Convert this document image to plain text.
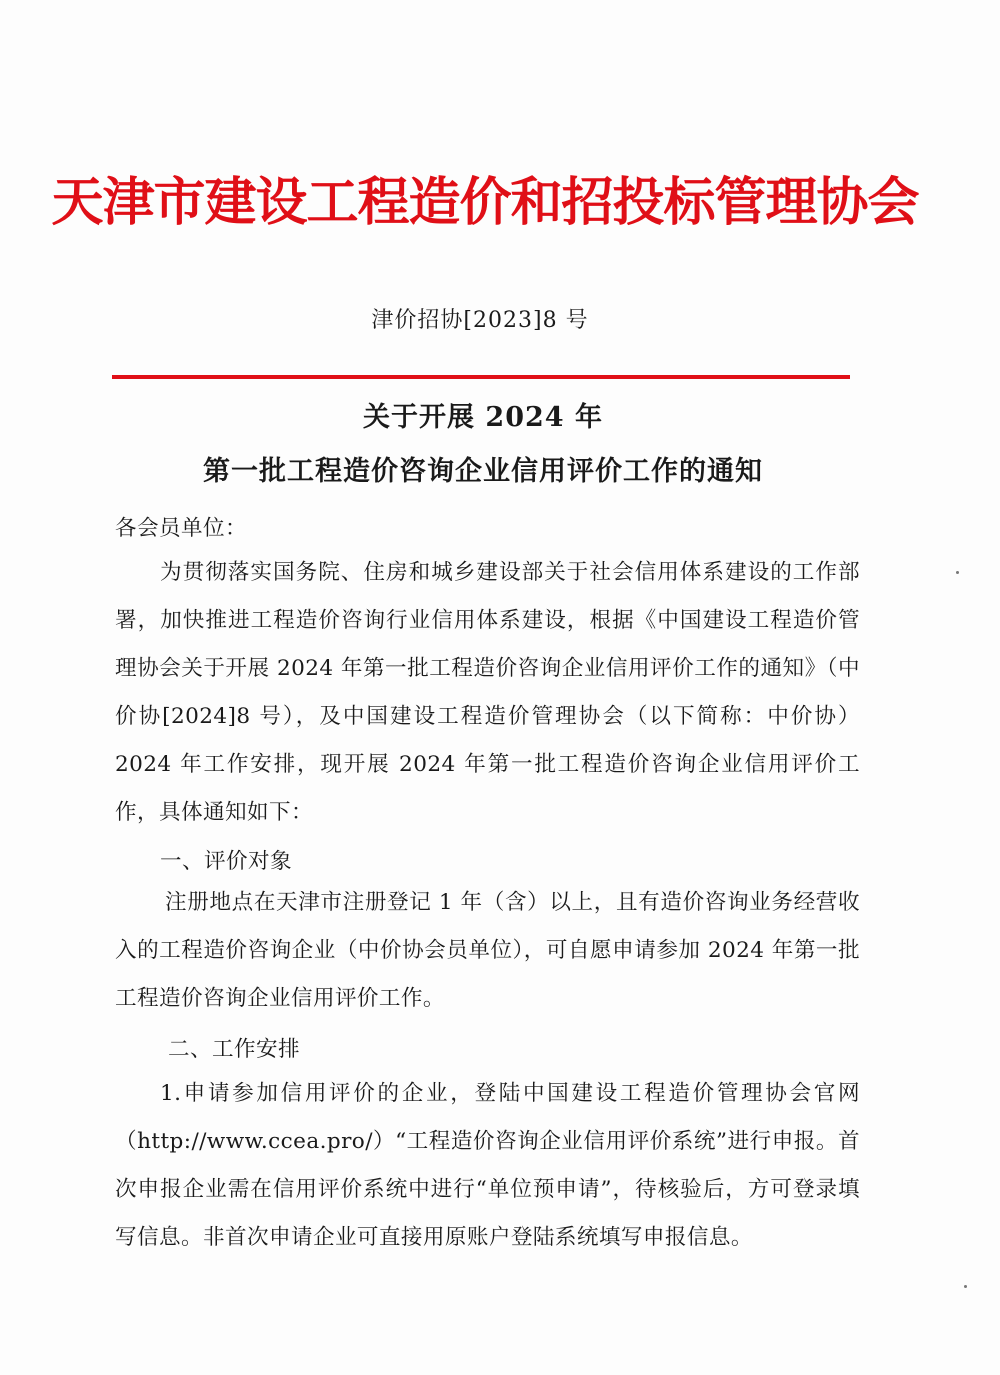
天津市建设工程造价和招投标管理协会
津价招协[2023]8 号
关于开展 2024 年
第一批工程造价咨询企业信用评价工作的通知
各会员单位：
为贯彻落实国务院、住房和城乡建设部关于社会信用体系建设的工作部署，加快推进工程造价咨询行业信用体系建设，根据《中国建设工程造价管理协会关于开展 2024 年第一批工程造价咨询企业信用评价工作的通知》（中价协[2024]8 号），及中国建设工程造价管理协会（以下简称：中价协）2024 年工作安排，现开展 2024 年第一批工程造价咨询企业信用评价工作，具体通知如下：
一、评价对象
注册地点在天津市注册登记 1 年（含）以上，且有造价咨询业务经营收入的工程造价咨询企业（中价协会员单位），可自愿申请参加 2024 年第一批工程造价咨询企业信用评价工作。
二、工作安排
1.申请参加信用评价的企业，登陆中国建设工程造价管理协会官网（http://www.ccea.pro/）“工程造价咨询企业信用评价系统”进行申报。首次申报企业需在信用评价系统中进行“单位预申请”，待核验后，方可登录填写信息。非首次申请企业可直接用原账户登陆系统填写申报信息。
